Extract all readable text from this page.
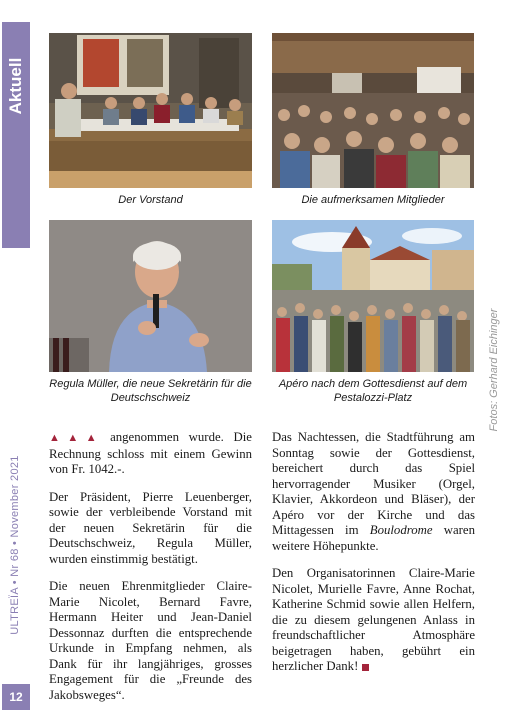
Aktuell
ULTREÏA • Nr 68 • November 2021
12
Der Vorstand	Die aufmerksamen Mitglieder
Regula Müller, die neue Sekretärin für die Deutschschweiz
Apéro nach dem Gottesdienst auf dem Pestalozzi-Platz	Fotos: Gerhard Eichinger

▲▲▲ angenommen wurde. Die Rechnung schloss mit einem Gewinn von Fr. 1042.-.

Der Präsident, Pierre Leuenberger, sowie der verbleibende Vorstand mit der neuen Sekretärin für die Deutschschweiz, Regula Müller, wurden einstimmig bestätigt.

Die neuen Ehrenmitglieder Claire-Marie Nicolet, Bernard Favre, Hermann Heiter und Jean-Daniel Dessonnaz durften die entsprechende Urkunde in Empfang nehmen, als Dank für ihr langjähriges, grosses Engagement für die „Freunde des Jakobsweges“.

Das Nachtessen, die Stadtführung am Sonntag sowie der Gottesdienst, bereichert durch das Spiel hervorragender Musiker (Orgel, Klavier, Akkordeon und Bläser), der Apéro vor der Kirche und das Mittagessen im Boulodrome waren weitere Höhepunkte.

Den Organisatorinnen Claire-Marie Nicolet, Murielle Favre, Anne Rochat, Katherine Schmid sowie allen Helfern, die zu diesem gelungenen Anlass in freundschaftlicher Atmosphäre beigetragen haben, gebührt ein herzlicher Dank!
